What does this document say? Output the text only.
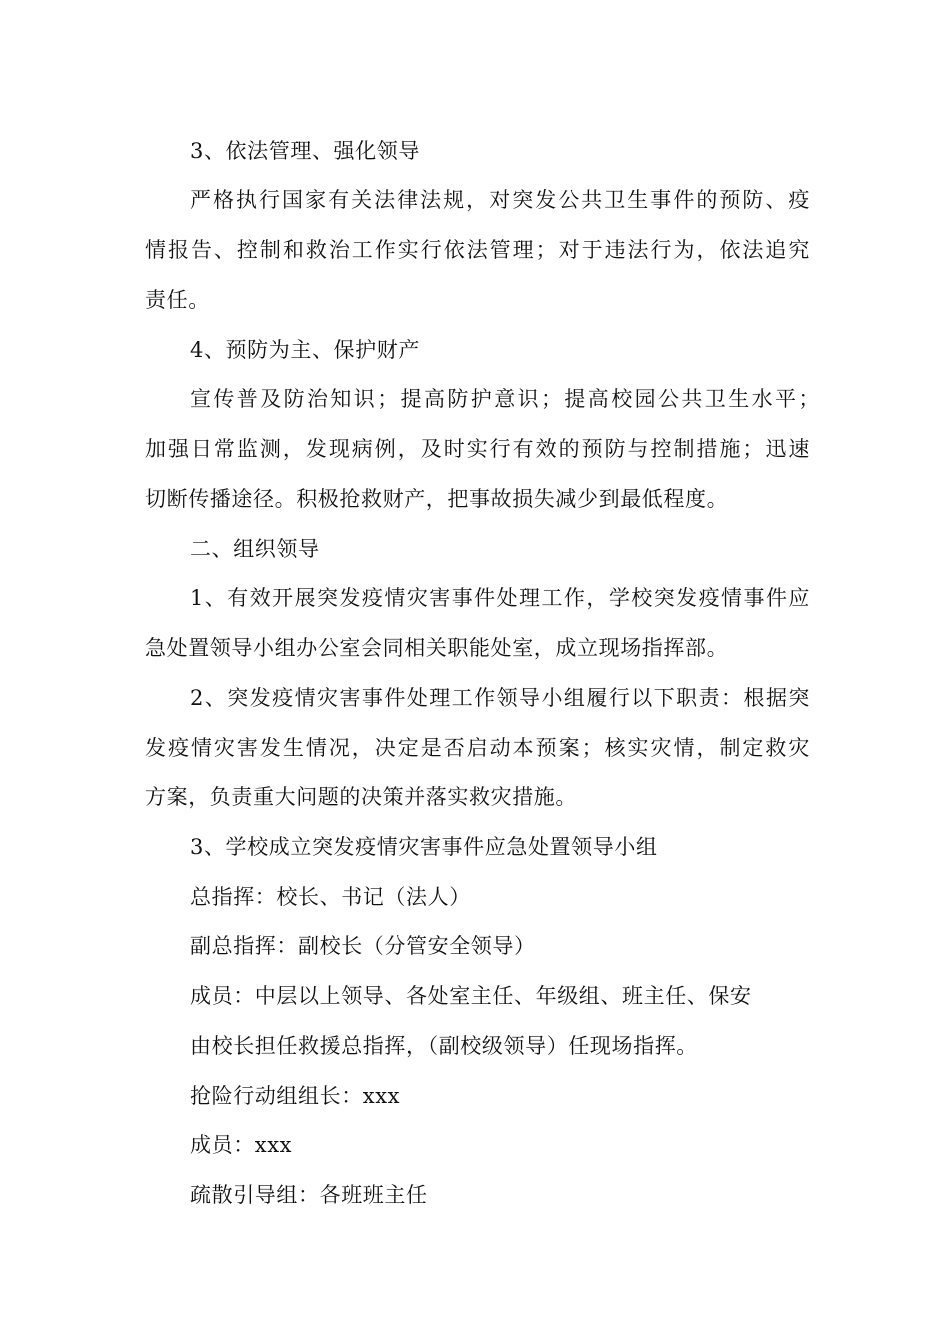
3、依法管理、强化领导
严格执行国家有关法律法规，对突发公共卫生事件的预防、疫
情报告、控制和救治工作实行依法管理；对于违法行为，依法追究
责任。
4、预防为主、保护财产
宣传普及防治知识；提高防护意识；提高校园公共卫生水平；
加强日常监测，发现病例，及时实行有效的预防与控制措施；迅速
切断传播途径。积极抢救财产，把事故损失减少到最低程度。
二、组织领导
1、有效开展突发疫情灾害事件处理工作，学校突发疫情事件应
急处置领导小组办公室会同相关职能处室，成立现场指挥部。
2、突发疫情灾害事件处理工作领导小组履行以下职责：根据突
发疫情灾害发生情况，决定是否启动本预案；核实灾情，制定救灾
方案，负责重大问题的决策并落实救灾措施。
3、学校成立突发疫情灾害事件应急处置领导小组
总指挥：校长、书记（法人）
副总指挥：副校长（分管安全领导）
成员：中层以上领导、各处室主任、年级组、班主任、保安
由校长担任救援总指挥，（副校级领导）任现场指挥。
抢险行动组组长：xxx
成员：xxx
疏散引导组：各班班主任
